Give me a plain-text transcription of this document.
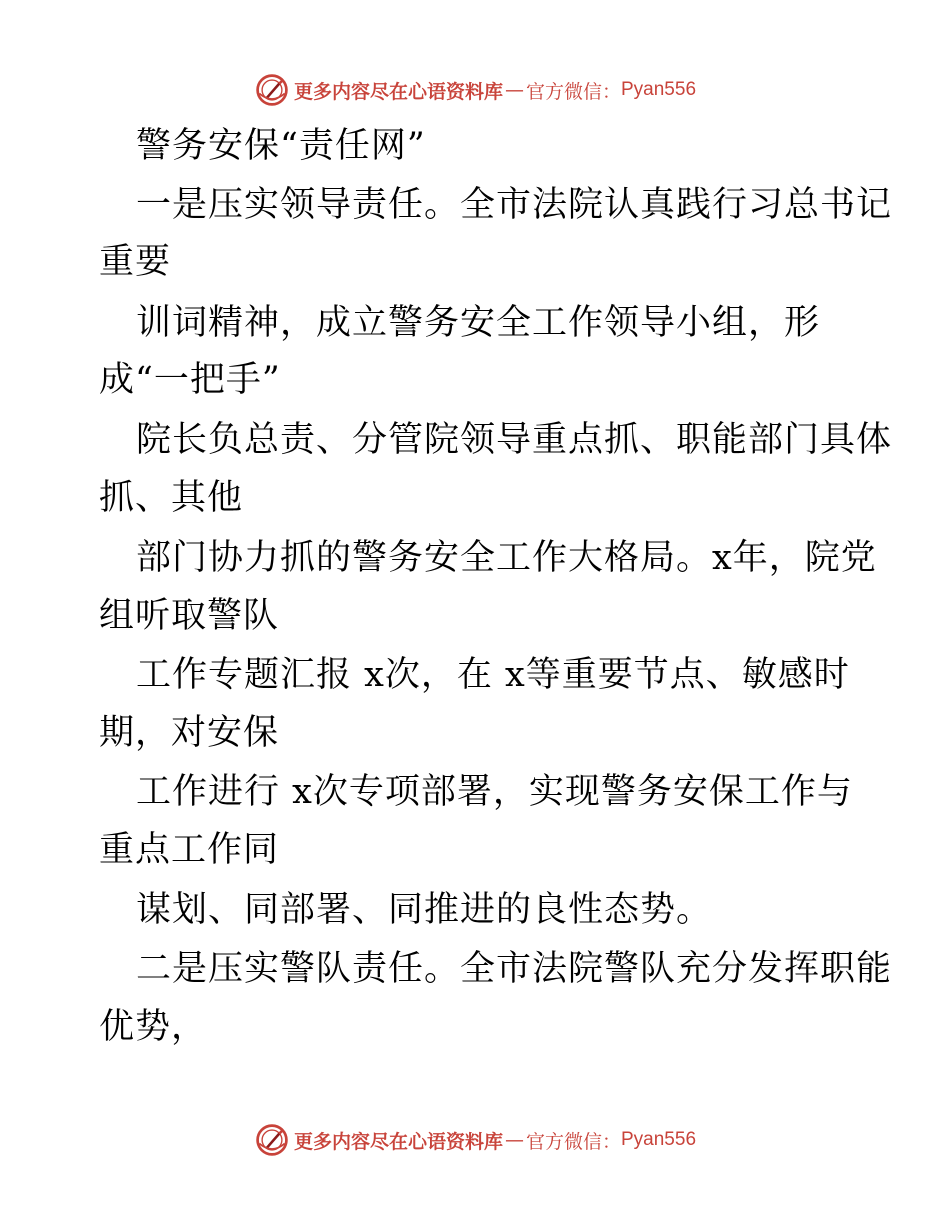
更多内容尽在心语资料库 — 官方微信： Pyan556
警务安保“责任网”
一是压实领导责任。全市法院认真践行习总书记
重要
训词精神，成立警务安全工作领导小组，形
成“一把手”
院长负总责、分管院领导重点抓、职能部门具体
抓、其他
部门协力抓的警务安全工作大格局。x年，院党
组听取警队
工作专题汇报 x次，在 x等重要节点、敏感时
期，对安保
工作进行 x次专项部署，实现警务安保工作与
重点工作同
谋划、同部署、同推进的良性态势。
二是压实警队责任。全市法院警队充分发挥职能
优势，
更多内容尽在心语资料库 — 官方微信： Pyan556
